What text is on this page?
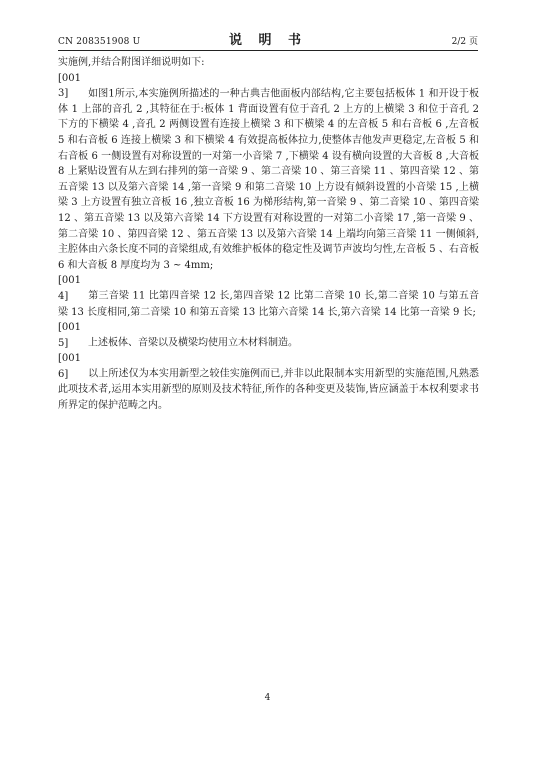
CN 208351908 U	说 明 书	2/2 页

实施例,并结合附图详细说明如下:

[0013] 如图1所示,本实施例所描述的一种古典吉他面板内部结构,它主要包括板体 1 和开设于板体 1 上部的音孔 2 ,其特征在于:板体 1 背面设置有位于音孔 2 上方的上横梁 3 和位于音孔 2 下方的下横梁 4 ,音孔 2 两侧设置有连接上横梁 3 和下横梁 4 的左音板 5 和右音板 6 ,左音板 5 和右音板 6 连接上横梁 3 和下横梁 4 有效提高板体拉力,使整体吉他发声更稳定,左音板 5 和右音板 6 一侧设置有对称设置的一对第一小音梁 7 ,下横梁 4 设有横向设置的大音板 8 ,大音板 8 上紧贴设置有从左到右排列的第一音梁 9 、第二音梁 10 、第三音梁 11 、第四音梁 12 、第五音梁 13 以及第六音梁 14 ,第一音梁 9 和第二音梁 10 上方设有倾斜设置的小音梁 15 ,上横梁 3 上方设置有独立音板 16 ,独立音板 16 为梯形结构,第一音梁 9 、第二音梁 10 、第四音梁 12 、第五音梁 13 以及第六音梁 14 下方设置有对称设置的一对第二小音梁 17 ,第一音梁 9 、第二音梁 10 、第四音梁 12 、第五音梁 13 以及第六音梁 14 上端均向第三音梁 11 一侧倾斜,主腔体由六条长度不同的音梁组成,有效维护板体的稳定性及调节声波均匀性,左音板 5 、右音板 6 和大音板 8 厚度均为 3 ~ 4mm;

[0014] 第三音梁 11 比第四音梁 12 长,第四音梁 12 比第二音梁 10 长,第二音梁 10 与第五音梁 13 长度相同,第二音梁 10 和第五音梁 13 比第六音梁 14 长,第六音梁 14 比第一音梁 9 长;

[0015] 上述板体、音梁以及横梁均使用立木材料制造。

[0016] 以上所述仅为本实用新型之较佳实施例而已,并非以此限制本实用新型的实施范围,凡熟悉此项技术者,运用本实用新型的原则及技术特征,所作的各种变更及装饰,皆应涵盖于本权利要求书所界定的保护范畴之内。

4
